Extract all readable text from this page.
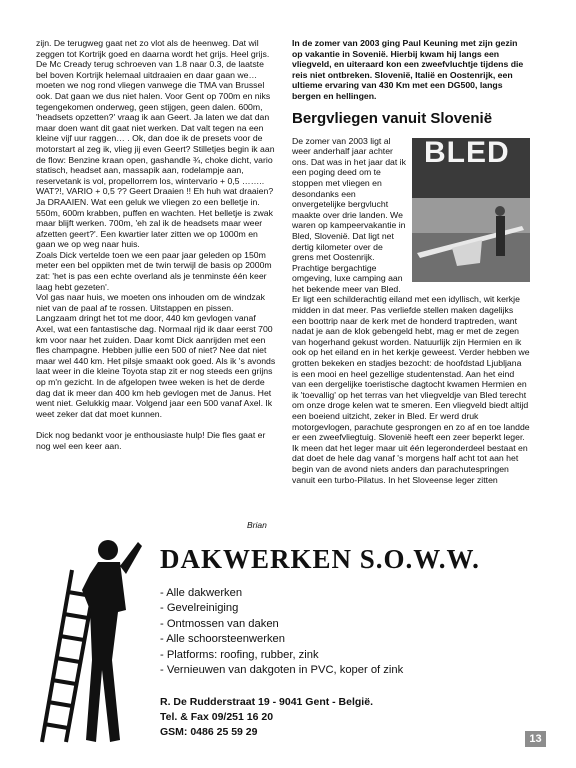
zijn. De terugweg gaat net zo vlot als de heenweg. Dat wil zeggen tot Kortrijk goed en daarna wordt het grijs. Heel grijs. De Mc Cready terug schroeven van 1.8 naar 0.3, de laatste bel boven Kortrijk helemaal uitdraaien en daar gaan we… moeten we nog rond vliegen vanwege die TMA van Brussel ook. Dat gaan we dus niet halen. Voor Gent op 700m en niks tegengekomen onderweg, geen stijgen, geen dalen. 600m, 'headsets opzetten?' vraag ik aan Geert. Ja laten we dat dan maar doen want dit gaat niet werken. Dat valt tegen na een kleine vijf uur raggen… . Ok, dan doe ik de presets voor de motorstart al zeg ik, vlieg jij even Geert? Stilletjes begin ik aan de flow: Benzine kraan open, gashandle ¾, choke dicht, vario statisch, headset aan, massapik aan, rodelampje aan, reservetank is vol, propellorrem los, wintervario + 0,5 …….. WAT?!, VARIO + 0,5 ?? Geert Draaien !! Eh huh wat draaien? Ja DRAAIEN. Wat een geluk we vliegen zo een belletje in. 550m, 600m krabben, puffen en wachten. Het belletje is zwak maar blijft werken. 700m, 'eh zal ik de headsets maar weer afzetten geert?'. Een kwartier later zitten we op 1000m en gaan we op weg naar huis.

Zoals Dick vertelde toen we een paar jaar geleden op 150m meter een bel oppikten met de twin terwijl de basis op 2000m zat: 'het is pas een echte overland als je tenminste één keer laag hebt gezeten'.

Vol gas naar huis, we moeten ons inhouden om de windzak niet van de paal af te rossen. Uitstappen en pissen. Langzaam dringt het tot me door, 440 km gevlogen vanaf Axel, wat een fantastische dag. Normaal rijd ik daar eerst 700 km voor naar het zuiden. Daar komt Dick aanrijden met een fles champagne. Hebben jullie een 500 of niet? Nee dat niet maar wel 440 km. Het pilsje smaakt ook goed. Als ik 's avonds laat weer in die kleine Toyota stap zit er nog steeds een grijns op m'n gezicht. In de afgelopen twee weken is het de derde dag dat ik meer dan 400 km heb gevlogen met de Janus. Het went niet. Gelukkig maar. Volgend jaar een 500 vanaf Axel. Ik weet zeker dat dat moet kunnen.

Dick nog bedankt voor je enthousiaste hulp! Die fles gaat er nog wel een keer aan.

Brian

In de zomer van 2003 ging Paul Keuning met zijn gezin op vakantie in Sovenië. Hierbij kwam hij langs een vliegveld, en uiteraard kon een zweefvluchtje tijdens die reis niet ontbreken. Slovenië, Italië en Oostenrijk, een ultieme ervaring van 430 Km met een DG500, langs bergen en hellingen.

Bergvliegen vanuit Slovenië

BLED

De zomer van 2003 ligt al weer anderhalf jaar achter ons. Dat was in het jaar dat ik een poging deed om te stoppen met vliegen en desondanks een onvergetelijke bergvlucht maakte over drie landen. We waren op kampeervakantie in Bled, Slovenië. Dat ligt net dertig kilometer over de grens met Oostenrijk. Prachtige bergachtige omgeving, luxe camping aan het bekende meer van Bled. Er ligt een schilderachtig eiland met een idyllisch, wit kerkje midden in dat meer. Pas verliefde stellen maken dagelijks een boottrip naar de kerk met de honderd traptreden, want nadat je aan de klok gebengeld hebt, mag er met de zegen van hogerhand gekust worden. Natuurlijk zijn Hermien en ik ook op het eiland en in het kerkje geweest. Verder hebben we grotten bekeken en stadjes bezocht: de hoofdstad Ljubljana is een mooi en heel gezellige studentenstad. Aan het eind van een dergelijke toeristische dagtocht kwamen Hermien en ik 'toevallig' op het terras van het vliegveldje van Bled terecht om onze droge kelen wat te smeren. Een vliegveld biedt altijd een boeiend uitzicht, zeker in Bled. Er werd druk motorgevlogen, parachute gesprongen en zo af en toe landde er een zweefvliegtuig. Slovenië heeft een zeer beperkt leger. Ik meen dat het leger maar uit één legeronderdeel bestaat en dat doet de hele dag vanaf 's morgens half acht tot aan het begin van de avond niets anders dan parachutespringen vanuit een turbo-Pilatus. In het Sloveense leger zitten

DAKWERKEN S.O.W.W.
- Alle dakwerken
- Gevelreiniging
- Ontmossen van daken
- Alle schoorsteenwerken
- Platforms: roofing, rubber, zink
- Vernieuwen van dakgoten in PVC, koper of zink
R. De Rudderstraat 19 - 9041 Gent - België.
Tel. & Fax 09/251 16 20
GSM: 0486 25 59 29
13
